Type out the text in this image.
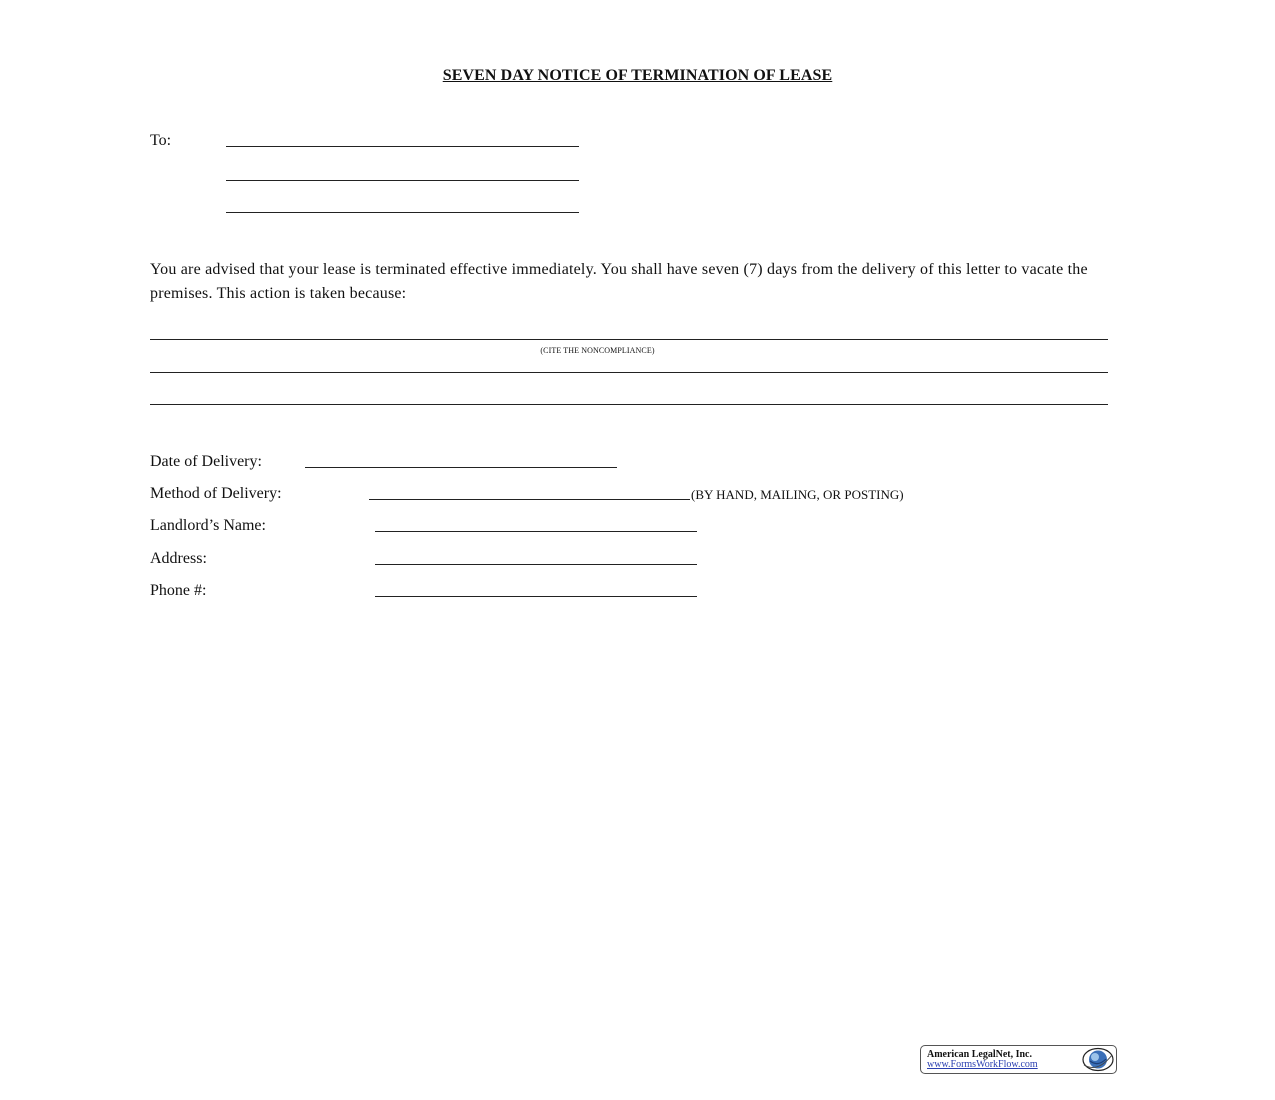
SEVEN DAY NOTICE OF TERMINATION OF LEASE
To:
You are advised that your lease is terminated effective immediately. You shall have seven (7) days from the delivery of this letter to vacate the premises. This action is taken because:
(CITE THE NONCOMPLIANCE)
Date of Delivery:
Method of Delivery:	(BY HAND, MAILING, OR POSTING)
Landlord’s Name:
Address:
Phone #:
American LegalNet, Inc.
www.FormsWorkFlow.com
